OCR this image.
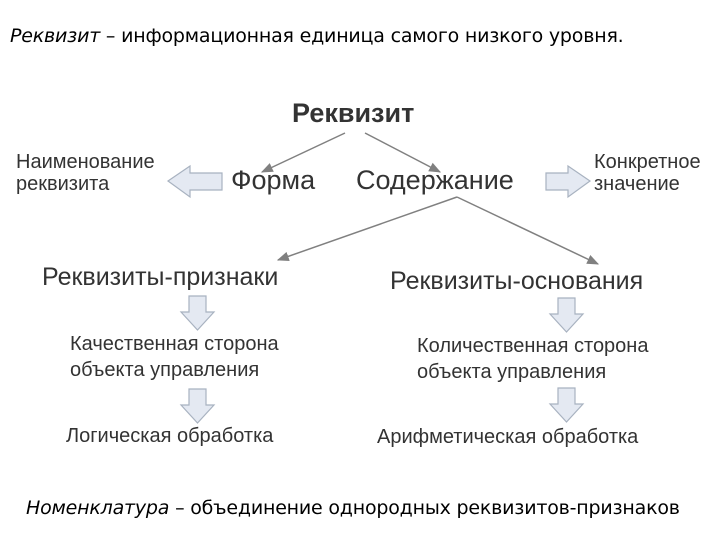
Реквизит – информационная единица самого низкого уровня.
Реквизит
Форма Содержание
Наименование
реквизита
Конкретное
значение
Реквизиты-признаки
Качественная сторона
объекта управления
Логическая обработка
Реквизиты-основания
Количественная сторона
объекта управления
Арифметическая обработка
Номенклатура – объединение однородных реквизитов-признаков
